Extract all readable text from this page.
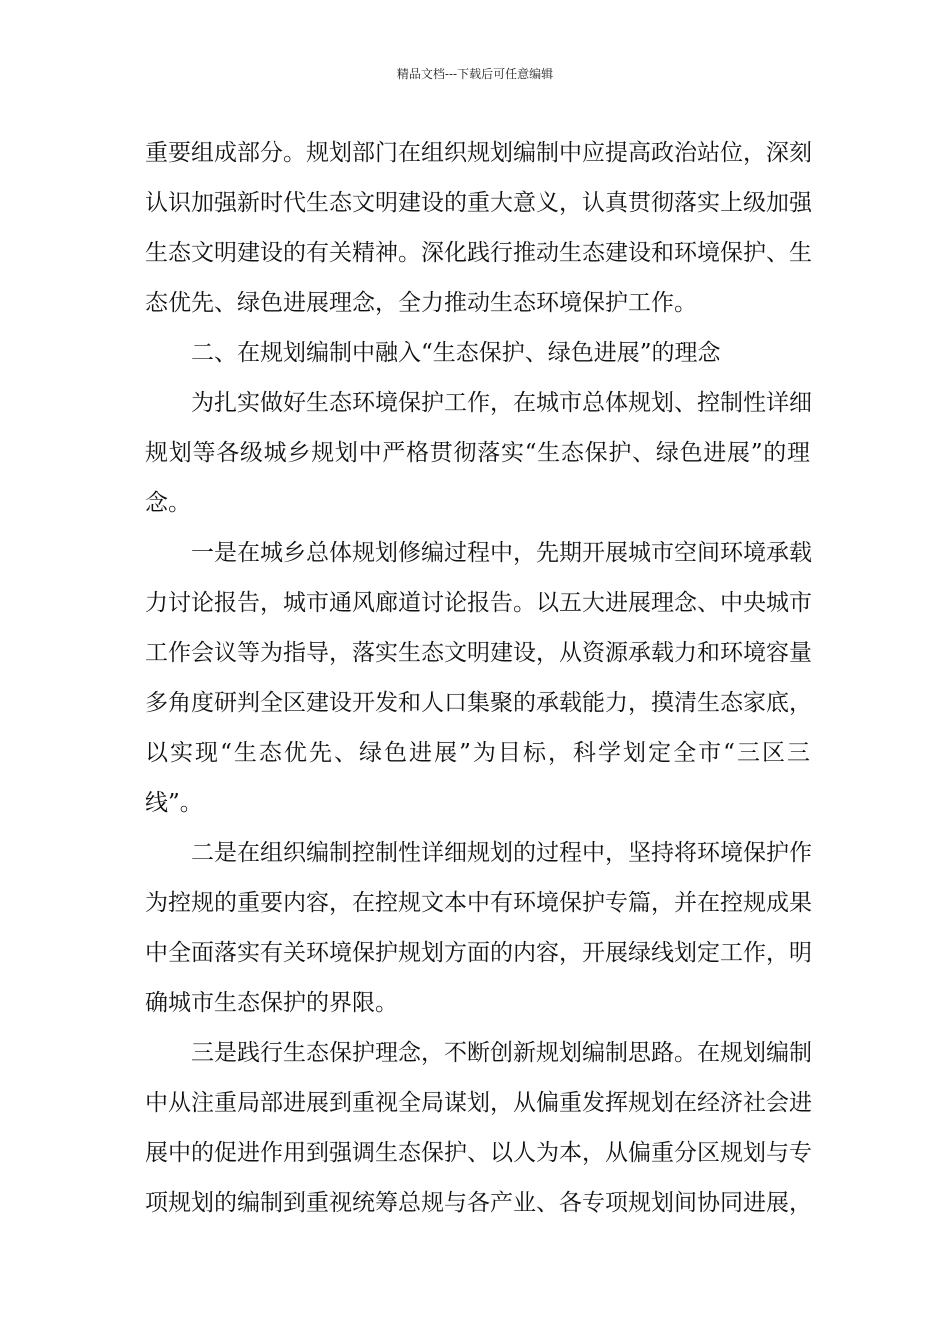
精品文档---下载后可任意编辑
重要组成部分。规划部门在组织规划编制中应提高政治站位，深刻
认识加强新时代生态文明建设的重大意义，认真贯彻落实上级加强
生态文明建设的有关精神。深化践行推动生态建设和环境保护、生
态优先、绿色进展理念，全力推动生态环境保护工作。
二、在规划编制中融入“生态保护、绿色进展”的理念
为扎实做好生态环境保护工作，在城市总体规划、控制性详细
规划等各级城乡规划中严格贯彻落实“生态保护、绿色进展”的理
念。
一是在城乡总体规划修编过程中，先期开展城市空间环境承载
力讨论报告，城市通风廊道讨论报告。以五大进展理念、中央城市
工作会议等为指导，落实生态文明建设，从资源承载力和环境容量
多角度研判全区建设开发和人口集聚的承载能力，摸清生态家底，
以实现“生态优先、绿色进展”为目标，科学划定全市“三区三
线”。
二是在组织编制控制性详细规划的过程中，坚持将环境保护作
为控规的重要内容，在控规文本中有环境保护专篇，并在控规成果
中全面落实有关环境保护规划方面的内容，开展绿线划定工作，明
确城市生态保护的界限。
三是践行生态保护理念，不断创新规划编制思路。在规划编制
中从注重局部进展到重视全局谋划，从偏重发挥规划在经济社会进
展中的促进作用到强调生态保护、以人为本，从偏重分区规划与专
项规划的编制到重视统筹总规与各产业、各专项规划间协同进展，
